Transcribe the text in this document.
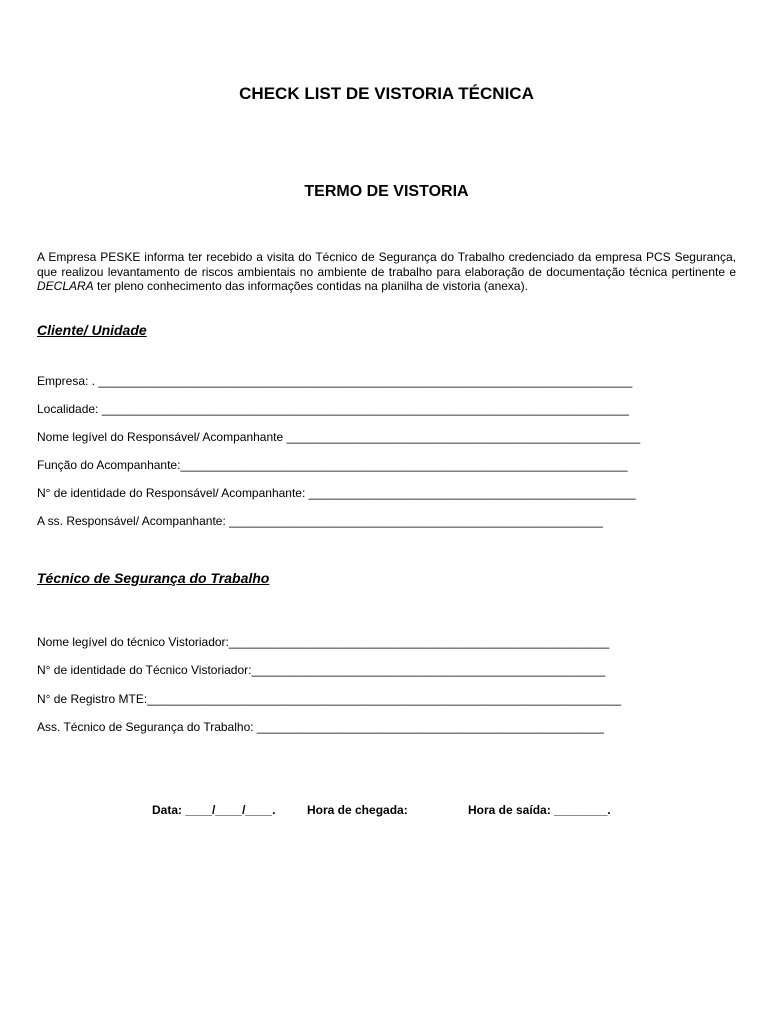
CHECK LIST DE VISTORIA TÉCNICA
TERMO DE VISTORIA

A Empresa PESKE informa ter recebido a visita do Técnico de Segurança do Trabalho credenciado da empresa PCS Segurança, que realizou levantamento de riscos ambientais no ambiente de trabalho para elaboração de documentação técnica pertinente e DECLARA ter pleno conhecimento das informações contidas na planilha de vistoria (anexa).

Cliente/ Unidade
Empresa: . ________________________________________________________________________________
Localidade: _______________________________________________________________________________
Nome legível do Responsável/ Acompanhante _____________________________________________________
Função do Acompanhante:___________________________________________________________________
N° de identidade do Responsável/ Acompanhante: _________________________________________________
A ss. Responsável/ Acompanhante: ________________________________________________________
Técnico de Segurança do Trabalho
Nome legível do técnico Vistoriador:_________________________________________________________
N° de identidade do Técnico Vistoriador:_____________________________________________________
N° de Registro MTE:_______________________________________________________________________
Ass. Técnico de Segurança do Trabalho: ____________________________________________________
Data: ____/____/____.	Hora de chegada:	Hora de saída: ________.
